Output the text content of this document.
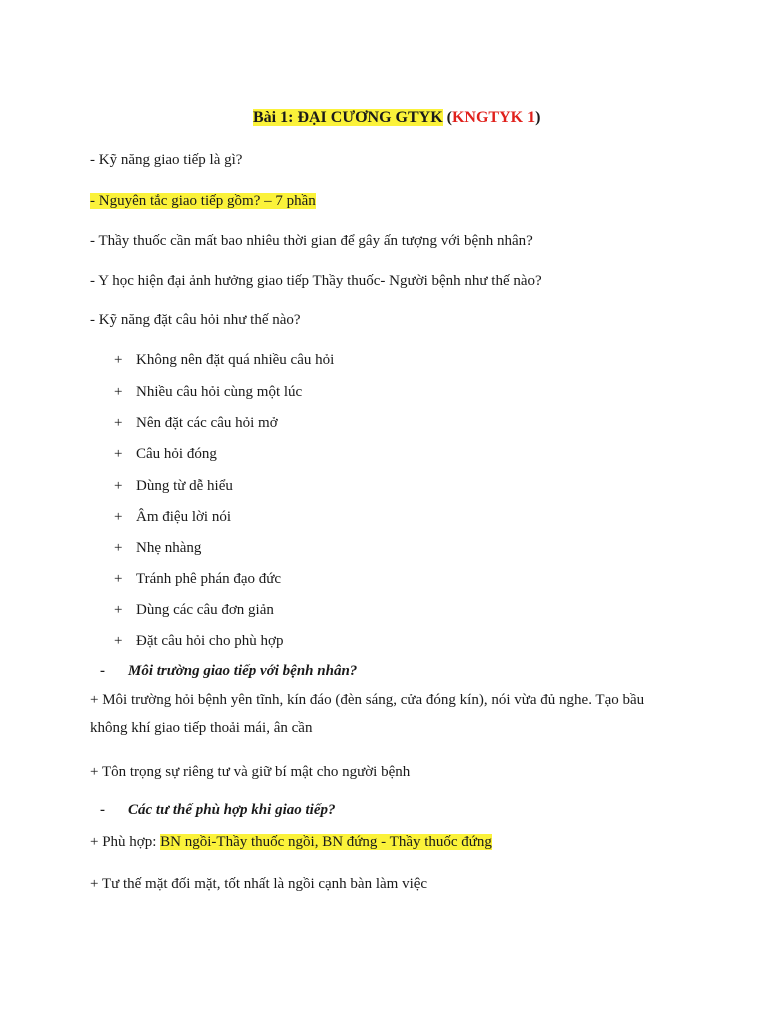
Bài 1: ĐẠI CƯƠNG GTYK (KNGTYK 1)
- Kỹ năng giao tiếp là gì?
- Nguyên tắc giao tiếp gồm? – 7 phần
- Thầy thuốc cần mất bao nhiêu thời gian để gây ấn tượng với bệnh nhân?
- Y học hiện đại ảnh hưởng giao tiếp Thầy thuốc- Người bệnh như thế nào?
- Kỹ năng đặt câu hỏi như thế nào?
+ Không nên đặt quá nhiều câu hỏi
+ Nhiều câu hỏi cùng một lúc
+ Nên đặt các câu hỏi mở
+ Câu hỏi đóng
+ Dùng từ dễ hiểu
+ Âm điệu lời nói
+ Nhẹ nhàng
+ Tránh phê phán đạo đức
+ Dùng các câu đơn giản
+ Đặt câu hỏi cho phù hợp
- Môi trường giao tiếp với bệnh nhân?
+ Môi trường hỏi bệnh yên tĩnh, kín đáo (đèn sáng, cửa đóng kín), nói vừa đủ nghe. Tạo bầu
không khí giao tiếp thoải mái, ân cần
+ Tôn trọng sự riêng tư và giữ bí mật cho người bệnh
- Các tư thế phù hợp khi giao tiếp?
+ Phù hợp: BN ngồi-Thầy thuốc ngồi, BN đứng - Thầy thuốc đứng
+ Tư thế mặt đối mặt, tốt nhất là ngồi cạnh bàn làm việc
